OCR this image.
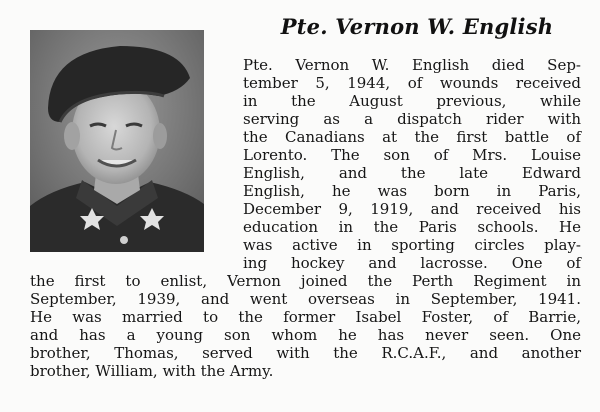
Pte. Vernon W. English
Pte. Vernon W. English died Sep-
tember 5, 1944, of wounds received
in the August previous, while
serving as a dispatch rider with
the Canadians at the first battle of
Lorento. The son of Mrs. Louise
English, and the late Edward
English, he was born in Paris,
December 9, 1919, and received his
education in the Paris schools. He
was active in sporting circles play-
ing hockey and lacrosse. One of
the first to enlist, Vernon joined the Perth Regiment in
September, 1939, and went overseas in September, 1941.
He was married to the former Isabel Foster, of Barrie,
and has a young son whom he has never seen. One
brother, Thomas, served with the R.C.A.F., and another
brother, William, with the Army.
